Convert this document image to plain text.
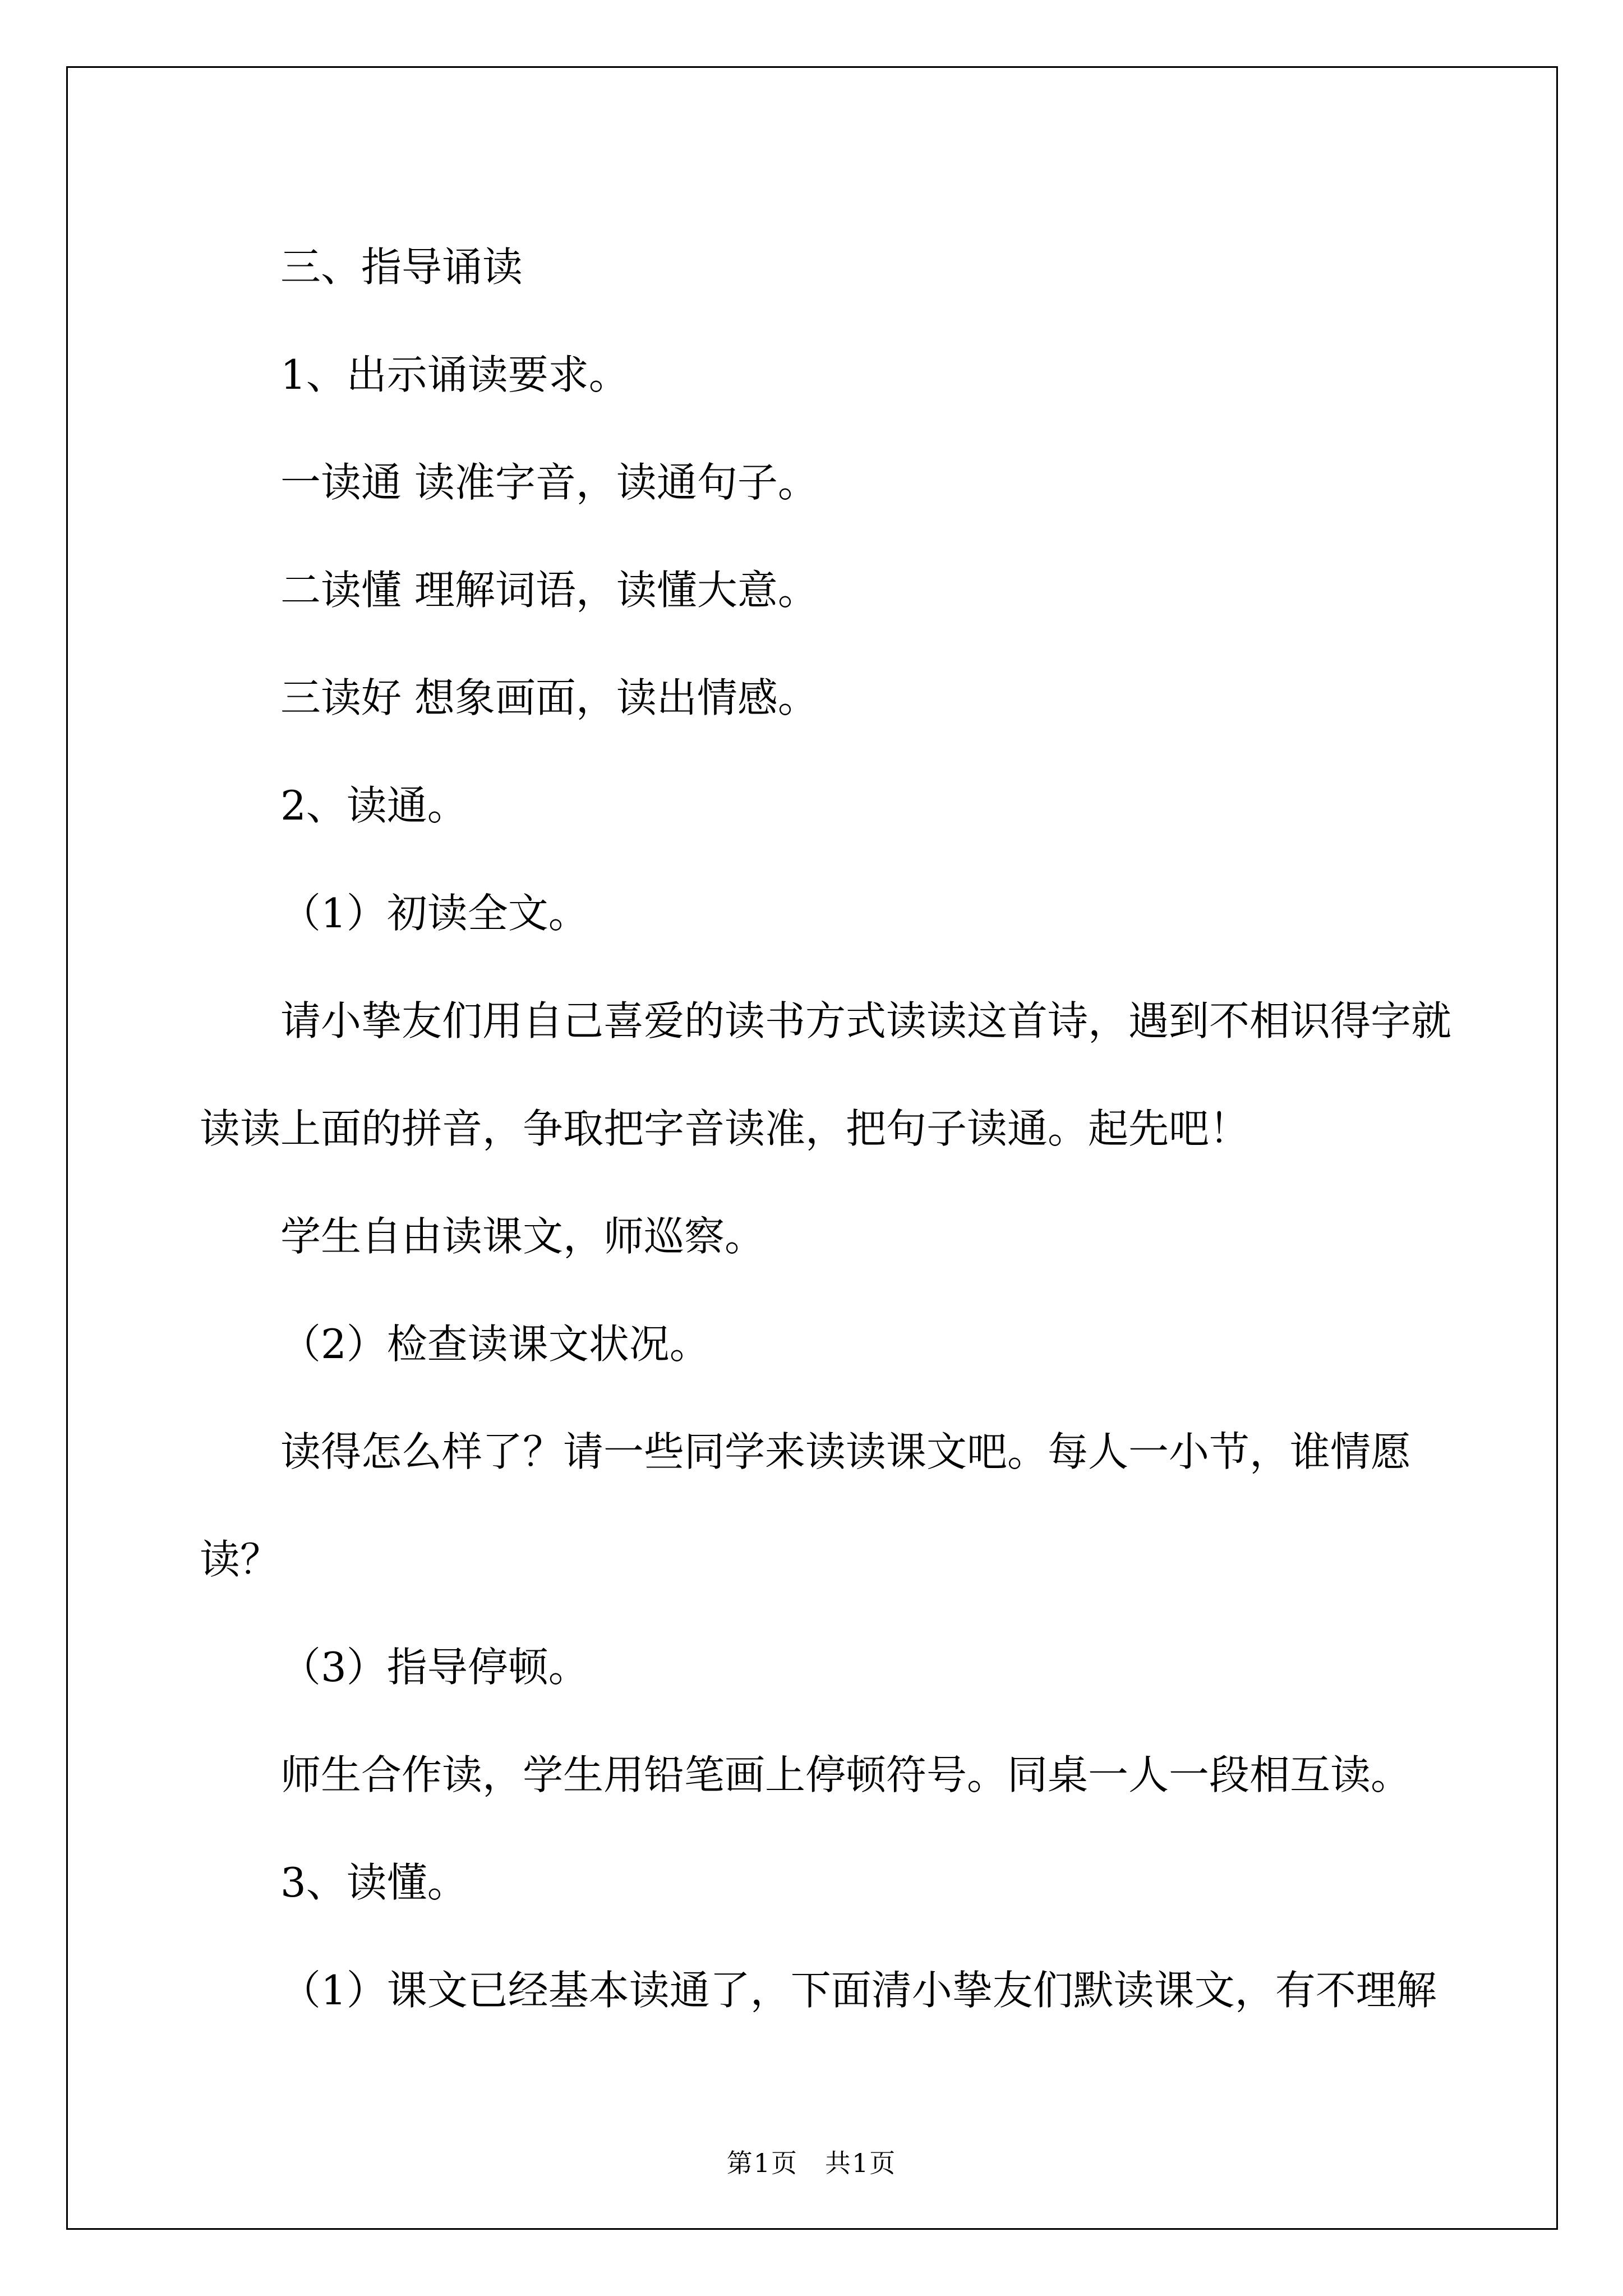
三、指导诵读

1、出示诵读要求。

一读通 读准字音，读通句子。

二读懂 理解词语，读懂大意。

三读好 想象画面，读出情感。

2、读通。

（1）初读全文。

请小挚友们用自己喜爱的读书方式读读这首诗，遇到不相识得字就读读上面的拼音，争取把字音读准，把句子读通。起先吧！

学生自由读课文，师巡察。

（2）检查读课文状况。

读得怎么样了？请一些同学来读读课文吧。每人一小节，谁情愿读？

（3）指导停顿。

师生合作读，学生用铅笔画上停顿符号。同桌一人一段相互读。

3、读懂。

（1）课文已经基本读通了，下面清小挚友们默读课文，有不理解

第1页 共1页
